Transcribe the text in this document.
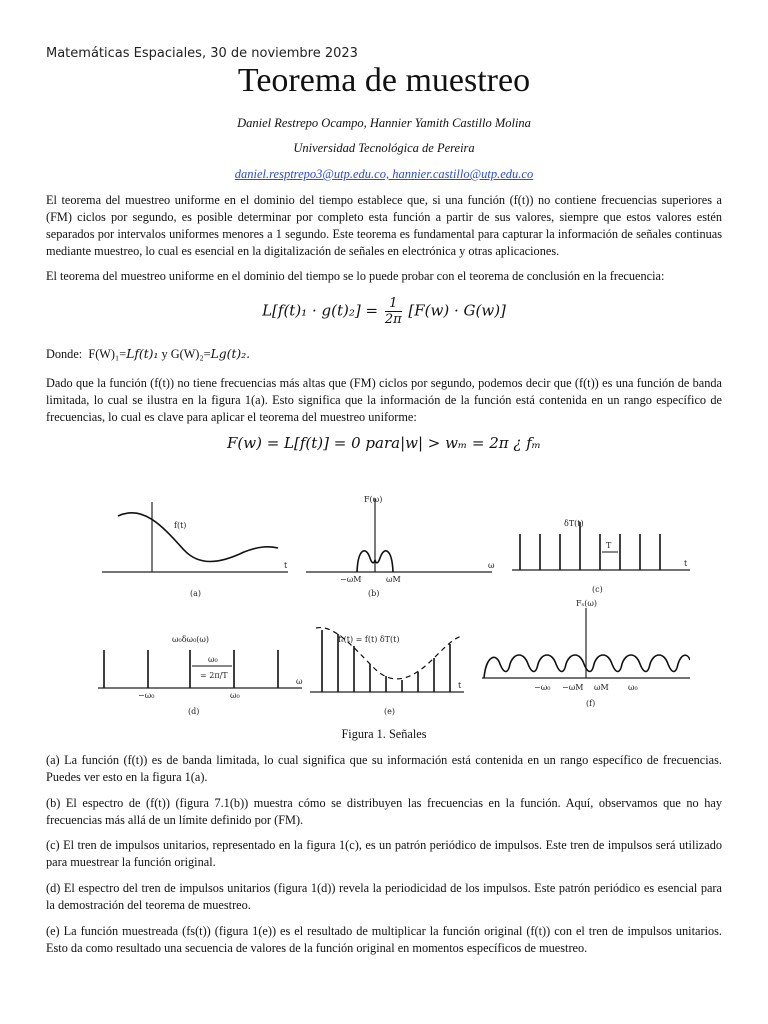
Matemáticas Espaciales, 30 de noviembre 2023
Teorema de muestreo
Daniel Restrepo Ocampo, Hannier Yamith Castillo Molina
Universidad Tecnológica de Pereira
daniel.resptrepo3@utp.edu.co, hannier.castillo@utp.edu.co
El teorema del muestreo uniforme en el dominio del tiempo establece que, si una función (f(t)) no contiene frecuencias superiores a (FM) ciclos por segundo, es posible determinar por completo esta función a partir de sus valores, siempre que estos valores estén separados por intervalos uniformes menores a 1 segundo. Este teorema es fundamental para capturar la información de señales continuas mediante muestreo, lo cual es esencial en la digitalización de señales en electrónica y otras aplicaciones.
El teorema del muestreo uniforme en el dominio del tiempo se lo puede probar con el teorema de conclusión en la frecuencia:
$L[f(t)_1 \cdot g(t)_2] = \frac{1}{2\pi} [F(w) \cdot G(w)]$
Donde: F(W)₁=Lf(t)₁ y G(W)₂=Lg(t)₂.
Dado que la función (f(t)) no tiene frecuencias más altas que (FM) ciclos por segundo, podemos decir que (f(t)) es una función de banda limitada, lo cual se ilustra en la figura 1(a). Esto significa que la información de la función está contenida en un rango específico de frecuencias, lo cual es clave para aplicar el teorema del muestreo uniforme:
F(w) = L[f(t)] = 0 para|w| > wₘ = 2π ¿ fₘ
f(t)
t
(a)
F(ω)
−ωM	ωM
ω
(b)
δT(t)
T
t
(c)
ω₀δω₀(ω)
ω₀
= 2π/T
−ω₀	ω₀
ω
(d)
fₛ(t) = f(t) δT(t)
t
(e)
Fₛ(ω)
−ω₀ −ωM ωM ω₀
(f)
Figura 1. Señales
(a) La función (f(t)) es de banda limitada, lo cual significa que su información está contenida en un rango específico de frecuencias. Puedes ver esto en la figura 1(a).
(b) El espectro de (f(t)) (figura 7.1(b)) muestra cómo se distribuyen las frecuencias en la función. Aquí, observamos que no hay frecuencias más allá de un límite definido por (FM).
(c) El tren de impulsos unitarios, representado en la figura 1(c), es un patrón periódico de impulsos. Este tren de impulsos será utilizado para muestrear la función original.
(d) El espectro del tren de impulsos unitarios (figura 1(d)) revela la periodicidad de los impulsos. Este patrón periódico es esencial para la demostración del teorema de muestreo.
(e) La función muestreada (fs(t)) (figura 1(e)) es el resultado de multiplicar la función original (f(t)) con el tren de impulsos unitarios. Esto da como resultado una secuencia de valores de la función original en momentos específicos de muestreo.
